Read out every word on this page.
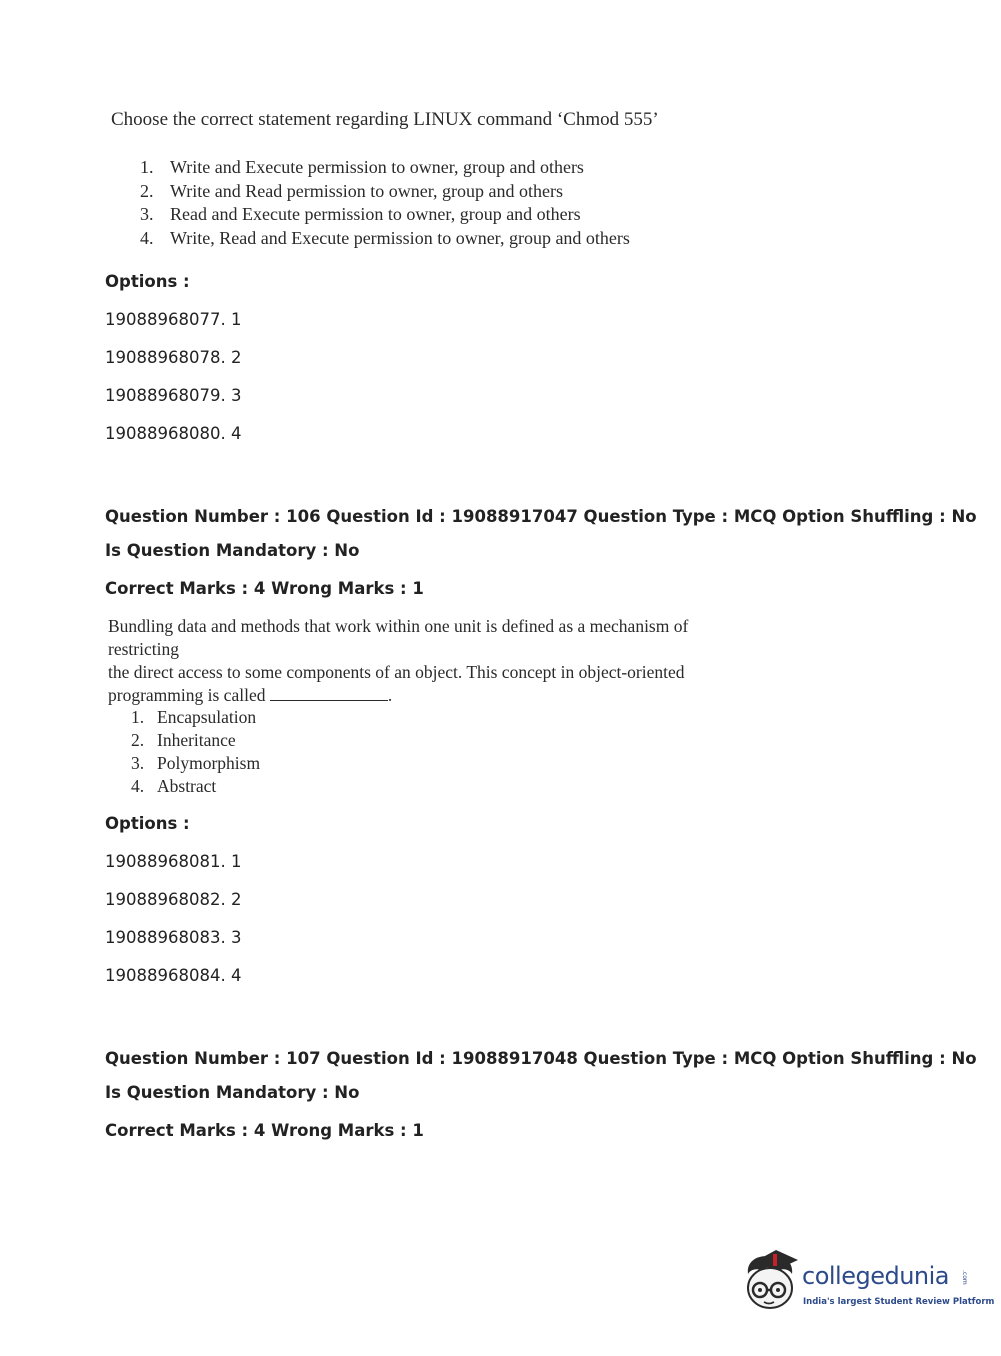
Choose the correct statement regarding LINUX command ‘Chmod 555’
1. Write and Execute permission to owner, group and others
2. Write and Read permission to owner, group and others
3. Read and Execute permission to owner, group and others
4. Write, Read and Execute permission to owner, group and others
Options :
19088968077. 1
19088968078. 2
19088968079. 3
19088968080. 4
Question Number : 106 Question Id : 19088917047 Question Type : MCQ Option Shuffling : No
Is Question Mandatory : No
Correct Marks : 4 Wrong Marks : 1
Bundling data and methods that work within one unit is defined as a mechanism of restricting
the direct access to some components of an object. This concept in object-oriented
programming is called	.
1. Encapsulation
2. Inheritance
3. Polymorphism
4. Abstract
Options :
19088968081. 1
19088968082. 2
19088968083. 3
19088968084. 4
Question Number : 107 Question Id : 19088917048 Question Type : MCQ Option Shuffling : No
Is Question Mandatory : No
Correct Marks : 4 Wrong Marks : 1
collegedunia .com
India's largest Student Review Platform
